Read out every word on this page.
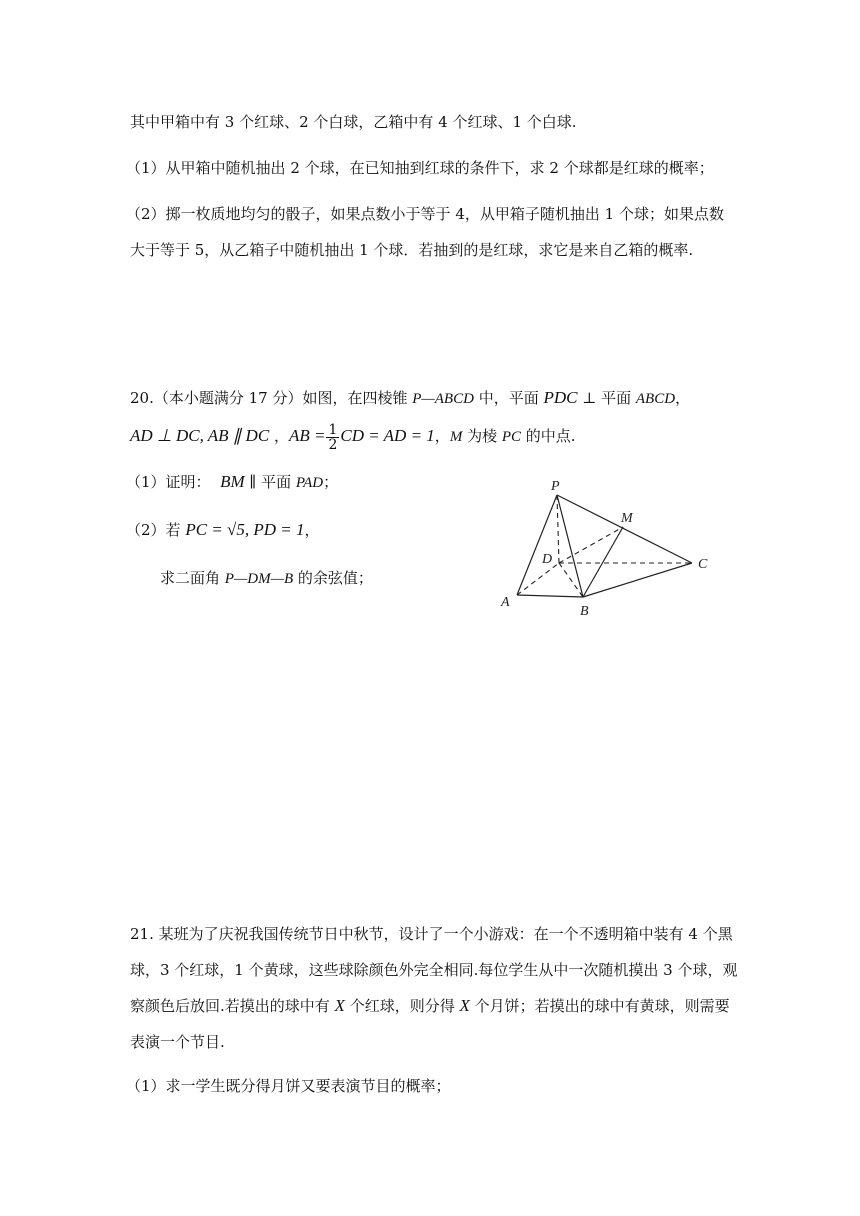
其中甲箱中有 3 个红球、2 个白球，乙箱中有 4 个红球、1 个白球.
（1）从甲箱中随机抽出 2 个球，在已知抽到红球的条件下，求 2 个球都是红球的概率；
（2）掷一枚质地均匀的骰子，如果点数小于等于 4，从甲箱子随机抽出 1 个球；如果点数
大于等于 5，从乙箱子中随机抽出 1 个球．若抽到的是红球，求它是来自乙箱的概率.
20.（本小题满分 17 分）如图，在四棱锥 P—ABCD 中，平面 PDC ⊥ 平面 ABCD，
AD ⊥ DC, AB ∥ DC ，AB = $\frac{1}{2}$ CD = AD = 1，M 为棱 PC 的中点.
（1）证明： BM ∥ 平面 PAD；
（2）若 PC = √5, PD = 1，
求二面角 P—DM—B 的余弦值；
P
M
D	C
A
B
21. 某班为了庆祝我国传统节日中秋节，设计了一个小游戏：在一个不透明箱中装有 4 个黑
球，3 个红球，1 个黄球，这些球除颜色外完全相同.每位学生从中一次随机摸出 3 个球，观
察颜色后放回.若摸出的球中有 X 个红球，则分得 X 个月饼；若摸出的球中有黄球，则需要
表演一个节目.
（1）求一学生既分得月饼又要表演节目的概率；
